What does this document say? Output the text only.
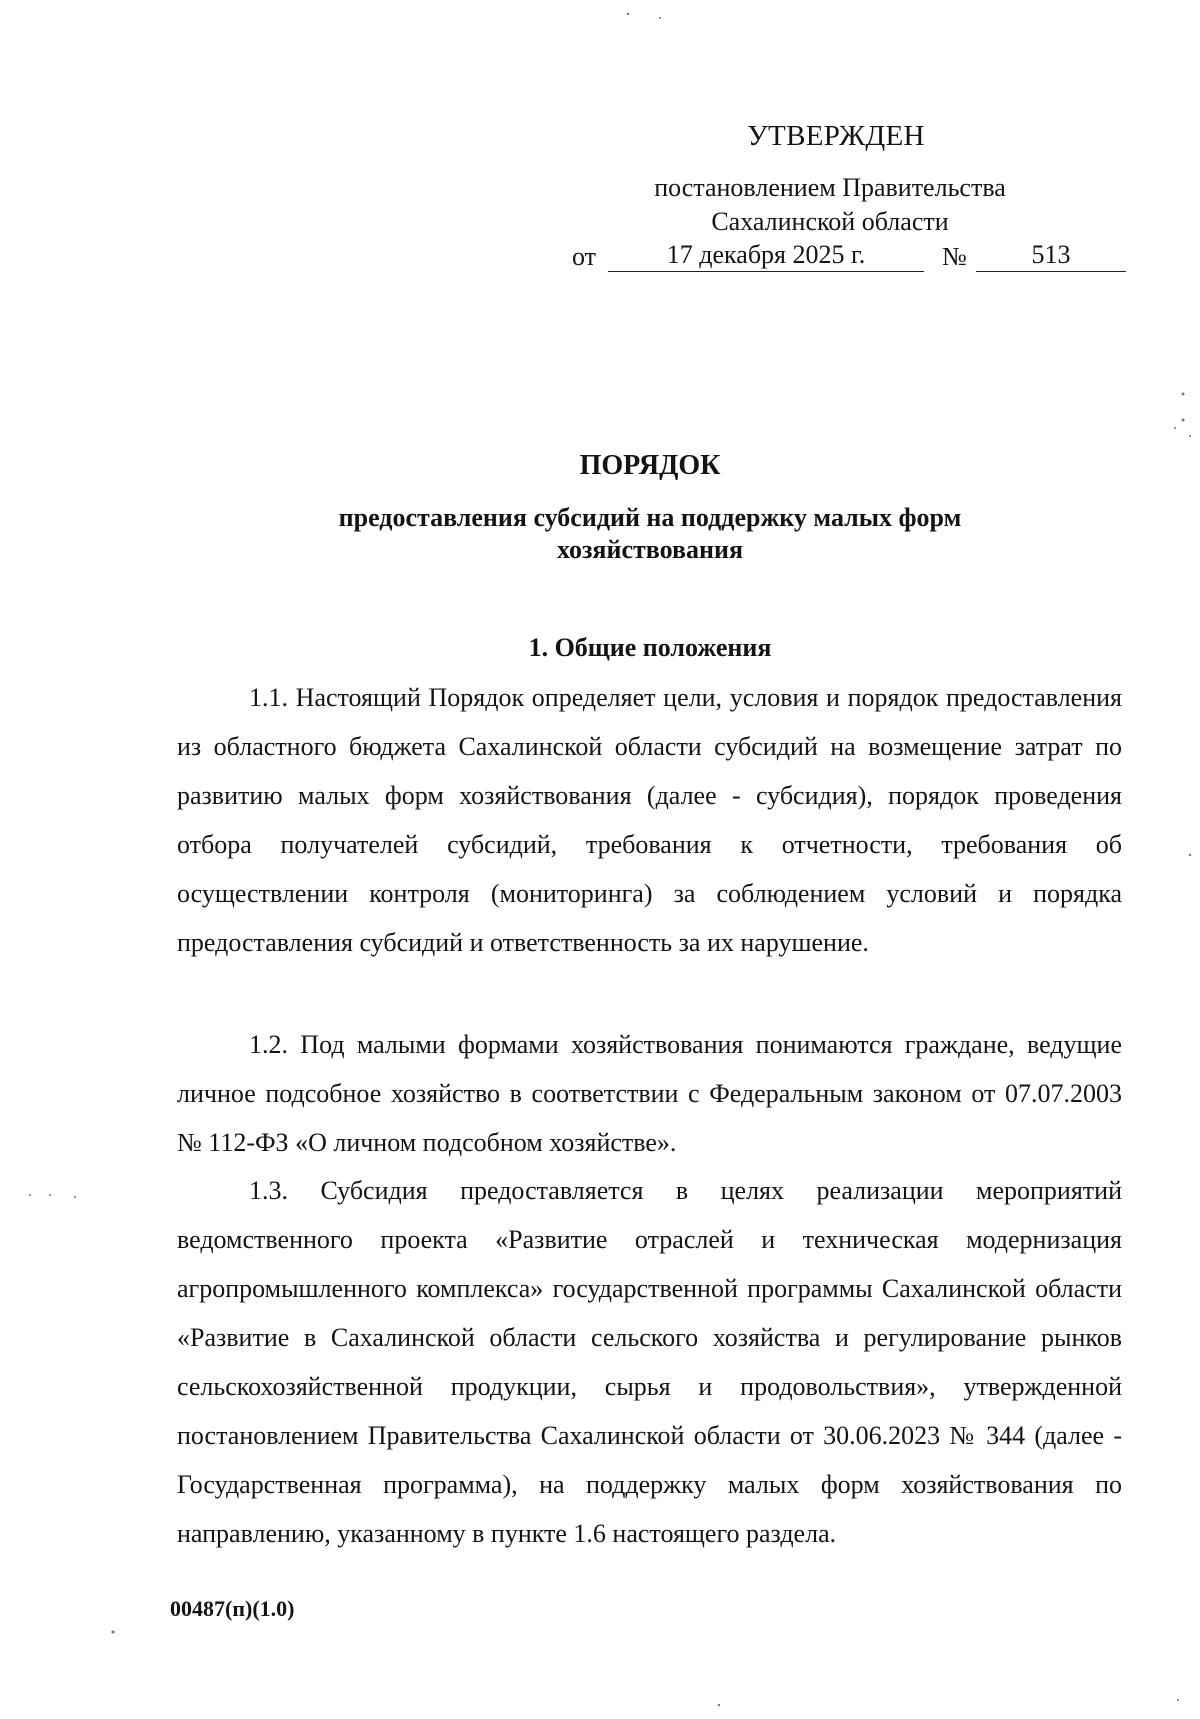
УТВЕРЖДЕН
постановлением Правительства
Сахалинской области
от	17 декабря 2025 г.	№	513
ПОРЯДОК
предоставления субсидий на поддержку малых форм хозяйствования
1. Общие положения

1.1. Настоящий Порядок определяет цели, условия и порядок предоставления из областного бюджета Сахалинской области субсидий на возмещение затрат по развитию малых форм хозяйствования (далее - субсидия), порядок проведения отбора получателей субсидий, требования к отчетности, требования об осуществлении контроля (мониторинга) за соблюдением условий и порядка предоставления субсидий и ответственность за их нарушение.

1.2. Под малыми формами хозяйствования понимаются граждане, ведущие личное подсобное хозяйство в соответствии с Федеральным законом от 07.07.2003 № 112-ФЗ «О личном подсобном хозяйстве».

1.3. Субсидия предоставляется в целях реализации мероприятий ведомственного проекта «Развитие отраслей и техническая модернизация агропромышленного комплекса» государственной программы Сахалинской области «Развитие в Сахалинской области сельского хозяйства и регулирование рынков сельскохозяйственной продукции, сырья и продовольствия», утвержденной постановлением Правительства Сахалинской области от 30.06.2023 № 344 (далее - Государственная программа), на поддержку малых форм хозяйствования по направлению, указанному в пункте 1.6 настоящего раздела.

00487(п)(1.0)
